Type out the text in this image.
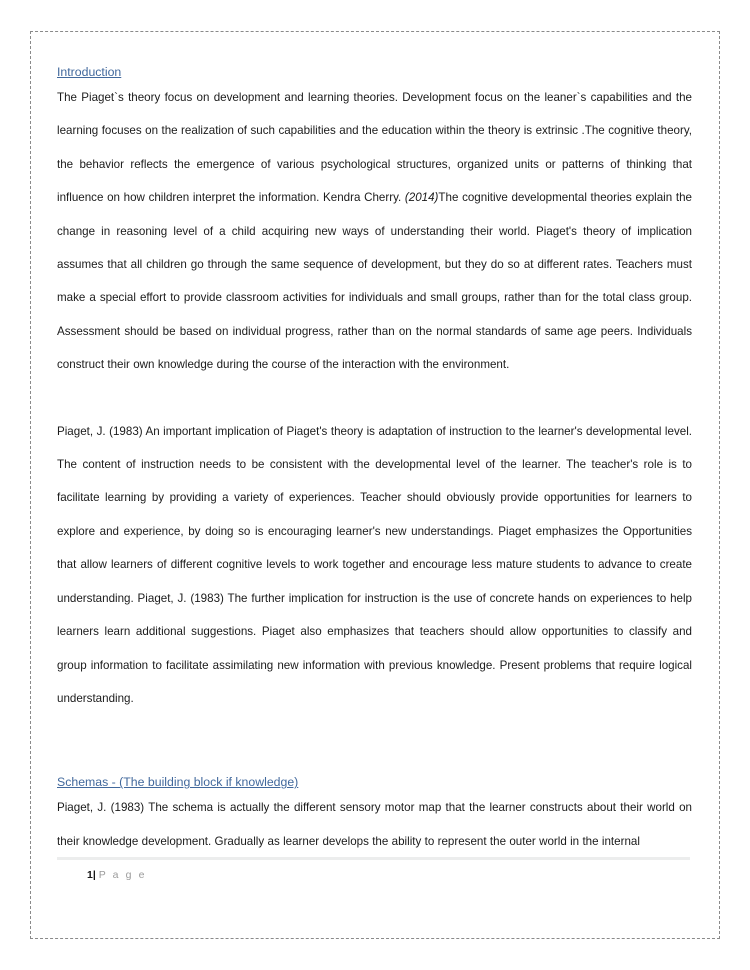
Introduction

The Piaget`s theory focus on development and learning theories. Development focus on the leaner`s capabilities and the learning focuses on the realization of such capabilities and the education within the theory is extrinsic .The cognitive theory, the behavior reflects the emergence of various psychological structures, organized units or patterns of thinking that influence on how children interpret the information. Kendra Cherry. (2014)The cognitive developmental theories explain the change in reasoning level of a child acquiring new ways of understanding their world. Piaget's theory of implication assumes that all children go through the same sequence of development, but they do so at different rates. Teachers must make a special effort to provide classroom activities for individuals and small groups, rather than for the total class group. Assessment should be based on individual progress, rather than on the normal standards of same age peers. Individuals construct their own knowledge during the course of the interaction with the environment.

Piaget, J. (1983) An important implication of Piaget's theory is adaptation of instruction to the learner's developmental level. The content of instruction needs to be consistent with the developmental level of the learner. The teacher's role is to facilitate learning by providing a variety of experiences. Teacher should obviously provide opportunities for learners to explore and experience, by doing so is encouraging learner's new understandings. Piaget emphasizes the Opportunities that allow learners of different cognitive levels to work together and encourage less mature students to advance to create understanding. Piaget, J. (1983) The further implication for instruction is the use of concrete hands on experiences to help learners learn additional suggestions. Piaget also emphasizes that teachers should allow opportunities to classify and group information to facilitate assimilating new information with previous knowledge. Present problems that require logical understanding.

Schemas - (The building block if knowledge)

Piaget, J. (1983) The schema is actually the different sensory motor map that the learner constructs about their world on their knowledge development. Gradually as learner develops the ability to represent the outer world in the internal

1| P a g e
